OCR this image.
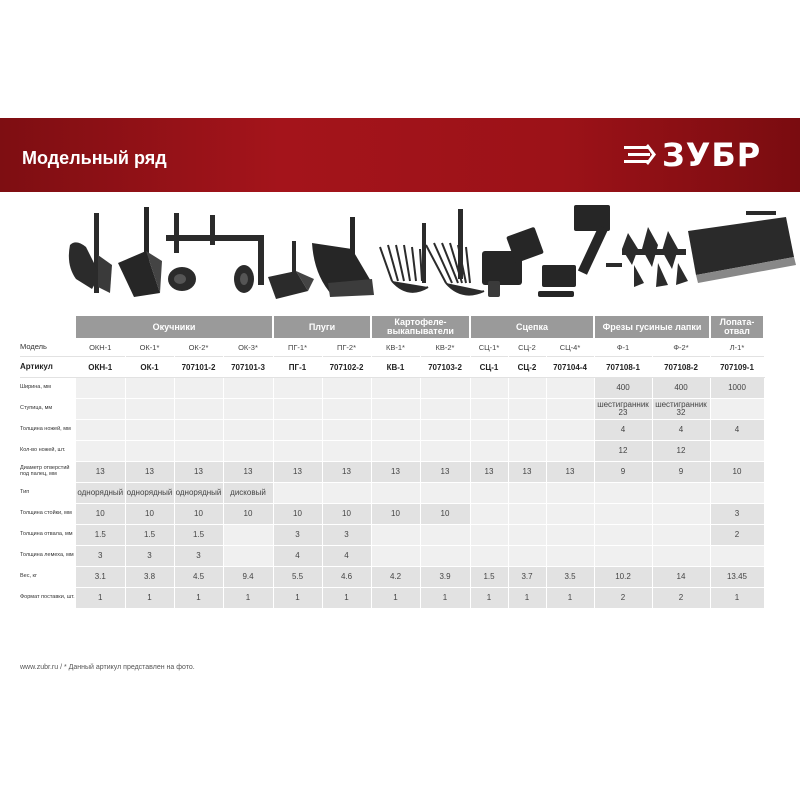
Модельный ряд	ЗУБР
	Окучники				Плуги		Картофеле-выкапыватели		Сцепка			Фрезы гусиные лапки		Лопата-отвал
Модель	ОКН-1	ОК-1*	ОК-2*	ОК-3*	ПГ-1*	ПГ-2*	КВ-1*	КВ-2*	СЦ-1*	СЦ-2	СЦ-4*	Ф-1	Ф-2*	Л-1*
Артикул	ОКН-1	ОК-1	707101-2	707101-3	ПГ-1	707102-2	КВ-1	707103-2	СЦ-1	СЦ-2	707104-4	707108-1	707108-2	707109-1
Ширина, мм												400	400	1000
Ступица, мм												шестигранник 23	шестигранник 32	
Толщина ножей, мм												4	4	4
Кол-во ножей, шт.												12	12	
Диаметр отверстий под палец, мм	13	13	13	13	13	13	13	13	13	13	13	9	9	10
Тип	однорядный	однорядный	однорядный	дисковый										
Толщина стойки, мм	10	10	10	10	10	10	10	10						3
Толщина отвала, мм	1.5	1.5	1.5		3	3								2
Толщина лемеха, мм	3	3	3		4	4								
Вес, кг	3.1	3.8	4.5	9.4	5.5	4.6	4.2	3.9	1.5	3.7	3.5	10.2	14	13.45
Формат поставки, шт.	1	1	1	1	1	1	1	1	1	1	1	2	2	1
www.zubr.ru / * Данный артикул представлен на фото.
